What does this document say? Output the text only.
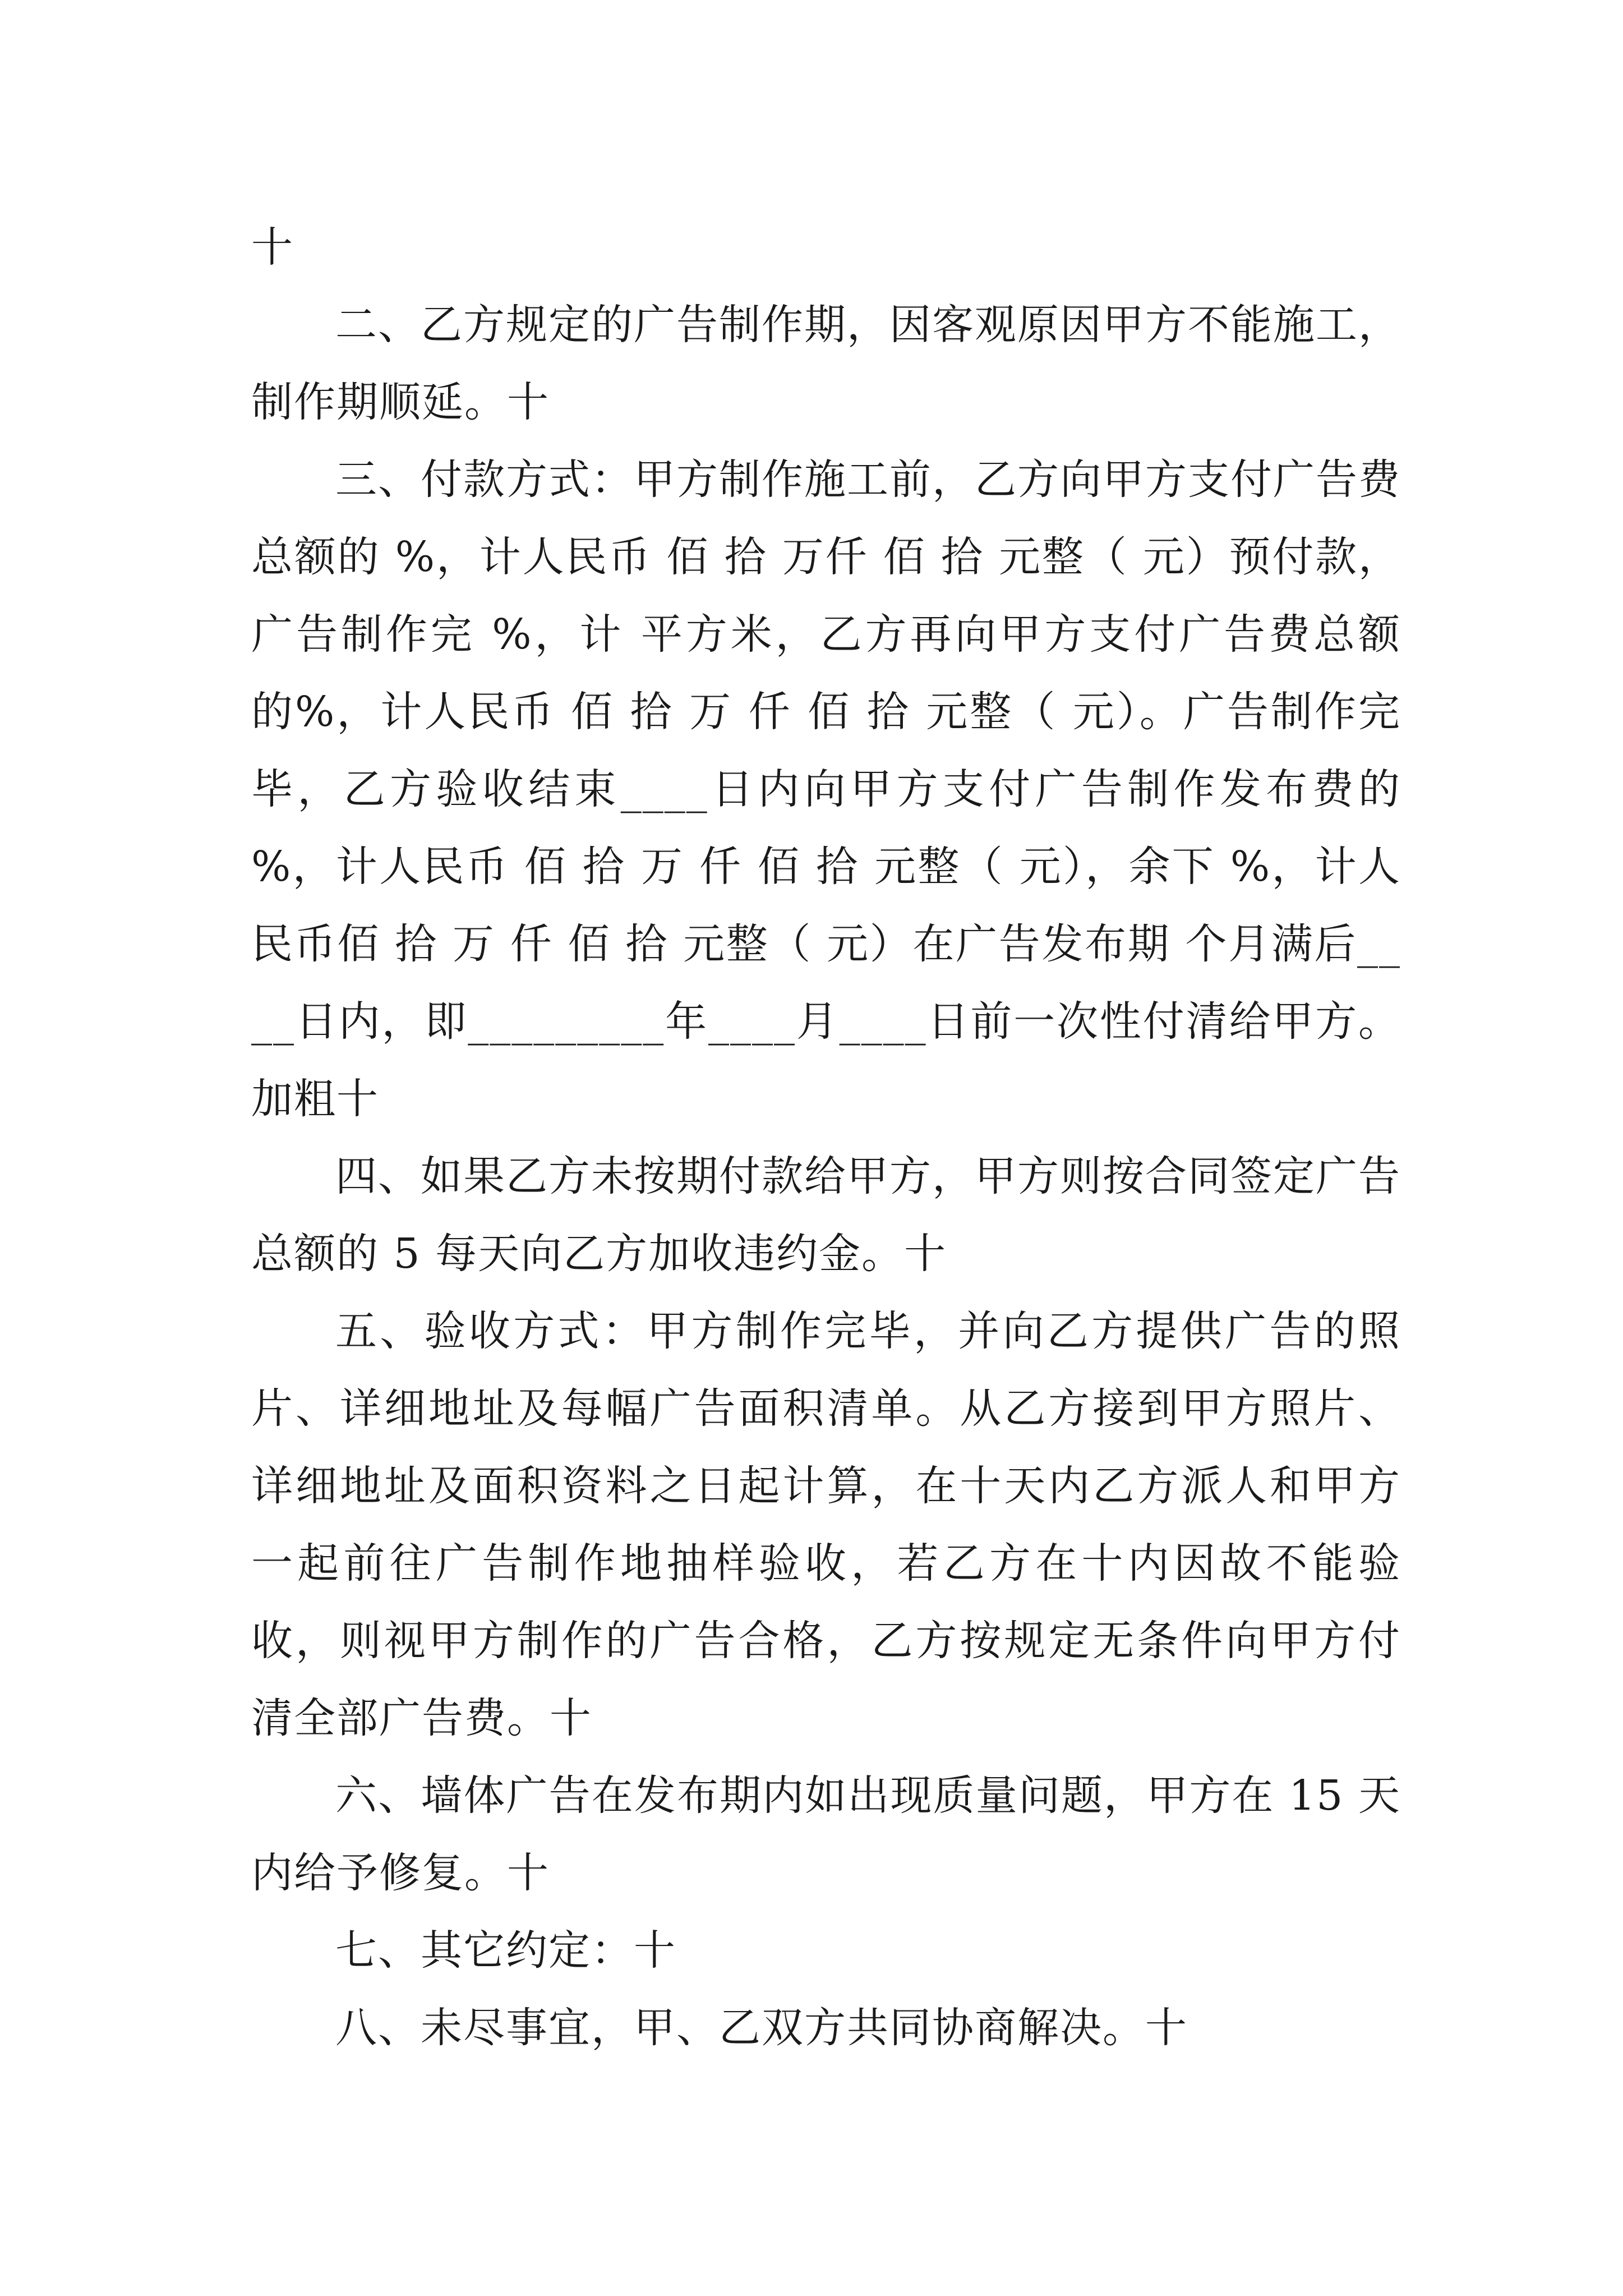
十

二、乙方规定的广告制作期，因客观原因甲方不能施工，制作期顺延。十

三、付款方式：甲方制作施工前，乙方向甲方支付广告费总额的 %，计人民币 佰 拾 万仟 佰 拾 元整（ 元）预付款，广告制作完 %，计 平方米，乙方再向甲方支付广告费总额的%，计人民币 佰 拾 万 仟 佰 拾 元整（ 元）。广告制作完毕，乙方验收结束____日内向甲方支付广告制作发布费的 %，计人民币 佰 拾 万 仟 佰 拾 元整（ 元），余下 %，计人民币佰 拾 万 仟 佰 拾 元整（ 元）在广告发布期 个月满后____日内，即_________年____月____日前一次性付清给甲方。加粗十

四、如果乙方未按期付款给甲方，甲方则按合同签定广告总额的 5 每天向乙方加收违约金。十

五、验收方式：甲方制作完毕，并向乙方提供广告的照片、详细地址及每幅广告面积清单。从乙方接到甲方照片、详细地址及面积资料之日起计算，在十天内乙方派人和甲方一起前往广告制作地抽样验收，若乙方在十内因故不能验收，则视甲方制作的广告合格，乙方按规定无条件向甲方付清全部广告费。十

六、墙体广告在发布期内如出现质量问题，甲方在 15 天内给予修复。十

七、其它约定：十

八、未尽事宜，甲、乙双方共同协商解决。十
